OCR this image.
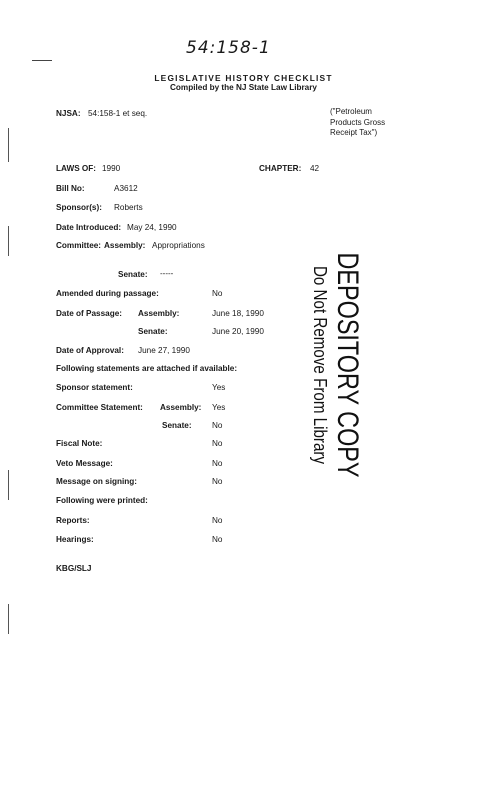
54:158-1
LEGISLATIVE HISTORY CHECKLIST
Compiled by the NJ State Law Library
NJSA: 54:158-1 et seq.	("Petroleum
Products Gross
Receipt Tax")
LAWS OF: 1990	CHAPTER: 42
Bill No:	A3612
Sponsor(s): Roberts
Date Introduced: May 24, 1990
Committee: Assembly: Appropriations
Senate: -----
Amended during passage:	No
Date of Passage: Assembly:	June 18, 1990
Senate:	June 20, 1990
Date of Approval: June 27, 1990
Following statements are attached if available:
Sponsor statement:	Yes
Committee Statement: Assembly: Yes
Senate: No
Fiscal Note:	No
Veto Message:	No
Message on signing:	No
Following were printed:
Reports:	No
Hearings:	No
KBG/SLJ
DEPOSITORY COPY
Do Not Remove From Library
